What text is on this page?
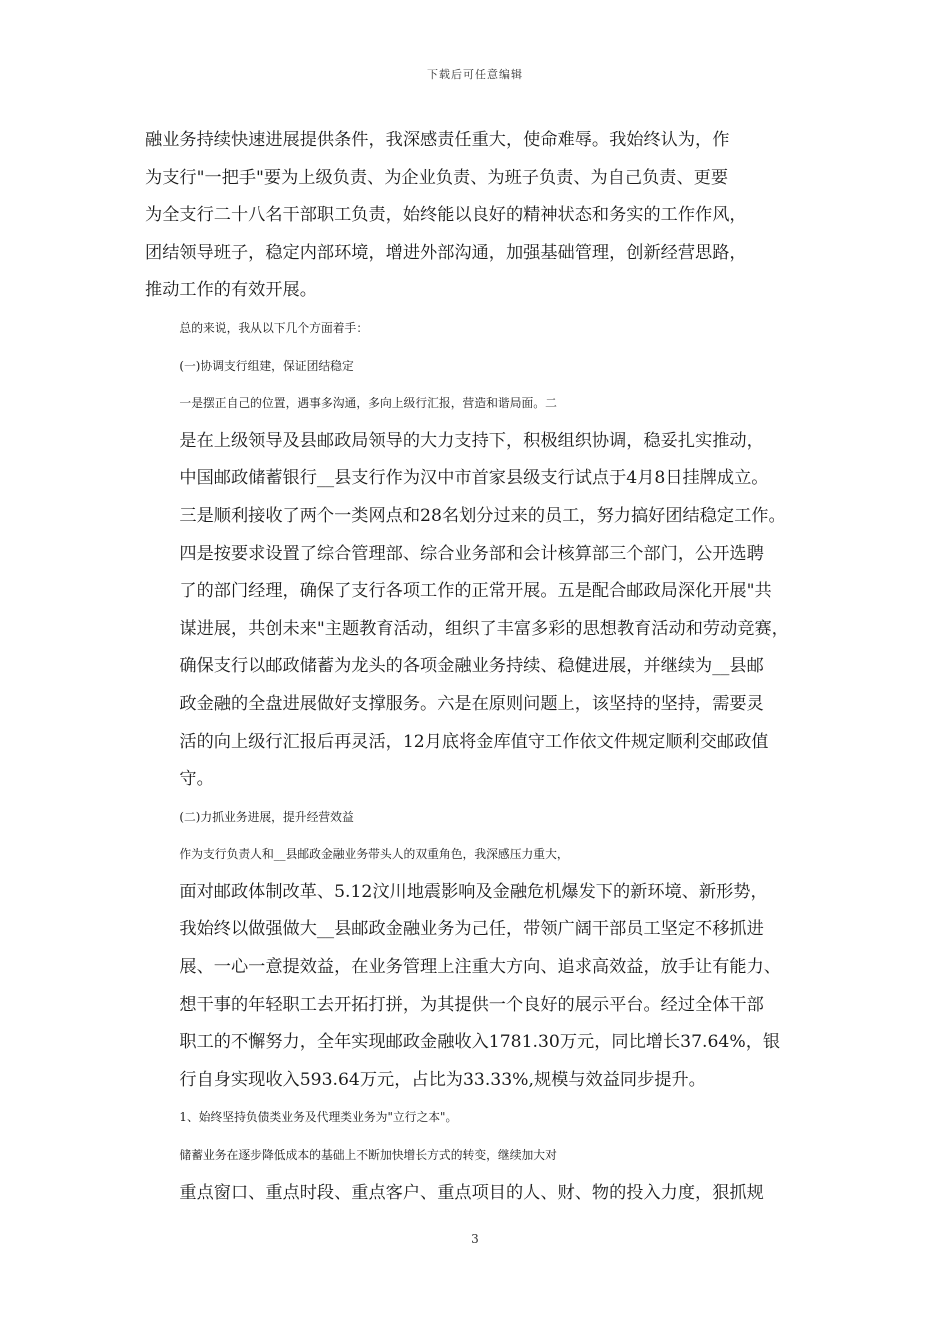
下载后可任意编辑

融业务持续快速进展提供条件，我深感责任重大，使命难辱。我始终认为，作
为支行"一把手"要为上级负责、为企业负责、为班子负责、为自己负责、更要
为全支行二十八名干部职工负责，始终能以良好的精神状态和务实的工作作风，
团结领导班子，稳定内部环境，增进外部沟通，加强基础管理，创新经营思路，
推动工作的有效开展。

总的来说，我从以下几个方面着手：

(一)协调支行组建，保证团结稳定

一是摆正自己的位置，遇事多沟通，多向上级行汇报，营造和谐局面。二
是在上级领导及县邮政局领导的大力支持下，积极组织协调，稳妥扎实推动，
中国邮政储蓄银行__县支行作为汉中市首家县级支行试点于4月8日挂牌成立。
三是顺利接收了两个一类网点和28名划分过来的员工，努力搞好团结稳定工作。
四是按要求设置了综合管理部、综合业务部和会计核算部三个部门，公开选聘
了的部门经理，确保了支行各项工作的正常开展。五是配合邮政局深化开展"共
谋进展，共创未来"主题教育活动，组织了丰富多彩的思想教育活动和劳动竞赛，
确保支行以邮政储蓄为龙头的各项金融业务持续、稳健进展，并继续为__县邮
政金融的全盘进展做好支撑服务。六是在原则问题上，该坚持的坚持，需要灵
活的向上级行汇报后再灵活，12月底将金库值守工作依文件规定顺利交邮政值
守。

(二)力抓业务进展，提升经营效益

作为支行负责人和__县邮政金融业务带头人的双重角色，我深感压力重大，
面对邮政体制改革、5.12汶川地震影响及金融危机爆发下的新环境、新形势，
我始终以做强做大__县邮政金融业务为己任，带领广阔干部员工坚定不移抓进
展、一心一意提效益，在业务管理上注重大方向、追求高效益，放手让有能力、
想干事的年轻职工去开拓打拼，为其提供一个良好的展示平台。经过全体干部
职工的不懈努力，全年实现邮政金融收入1781.30万元，同比增长37.64%，银
行自身实现收入593.64万元，占比为33.33%,规模与效益同步提升。

1、始终坚持负债类业务及代理类业务为"立行之本"。

储蓄业务在逐步降低成本的基础上不断加快增长方式的转变，继续加大对
重点窗口、重点时段、重点客户、重点项目的人、财、物的投入力度，狠抓规

3
